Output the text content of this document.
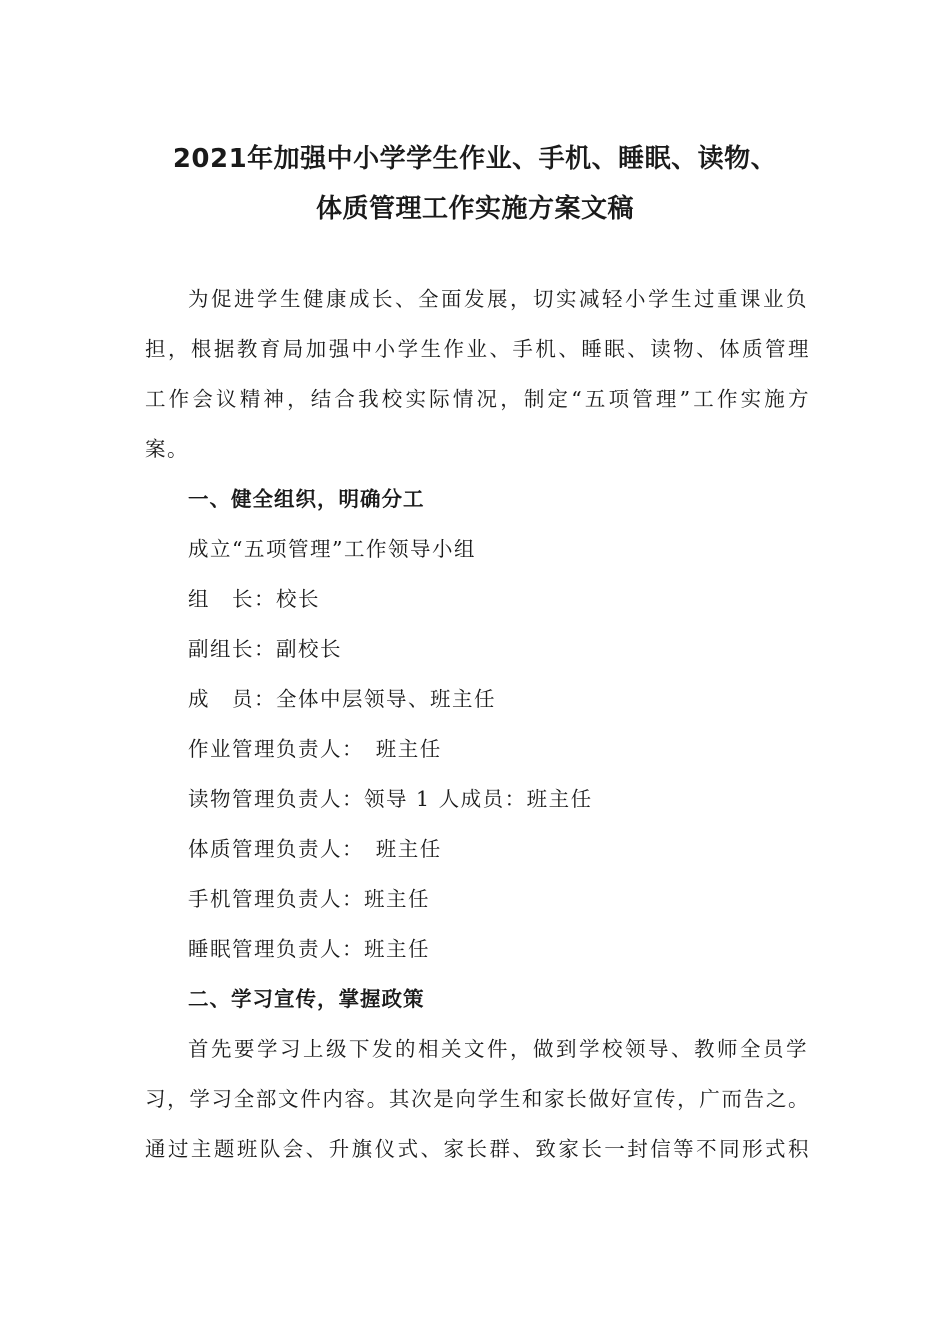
2021年加强中小学学生作业、手机、睡眠、读物、
体质管理工作实施方案文稿
为促进学生健康成长、全面发展，切实减轻小学生过重课业负
担，根据教育局加强中小学生作业、手机、睡眠、读物、体质管理
工作会议精神，结合我校实际情况，制定“五项管理”工作实施方
案。
一、健全组织，明确分工
成立“五项管理”工作领导小组
组　长：校长
副组长：副校长
成　员：全体中层领导、班主任
作业管理负责人：　班主任
读物管理负责人：领导 1 人成员：班主任
体质管理负责人：　班主任
手机管理负责人：班主任
睡眠管理负责人：班主任
二、学习宣传，掌握政策
首先要学习上级下发的相关文件，做到学校领导、教师全员学
习，学习全部文件内容。其次是向学生和家长做好宣传，广而告之。
通过主题班队会、升旗仪式、家长群、致家长一封信等不同形式积
